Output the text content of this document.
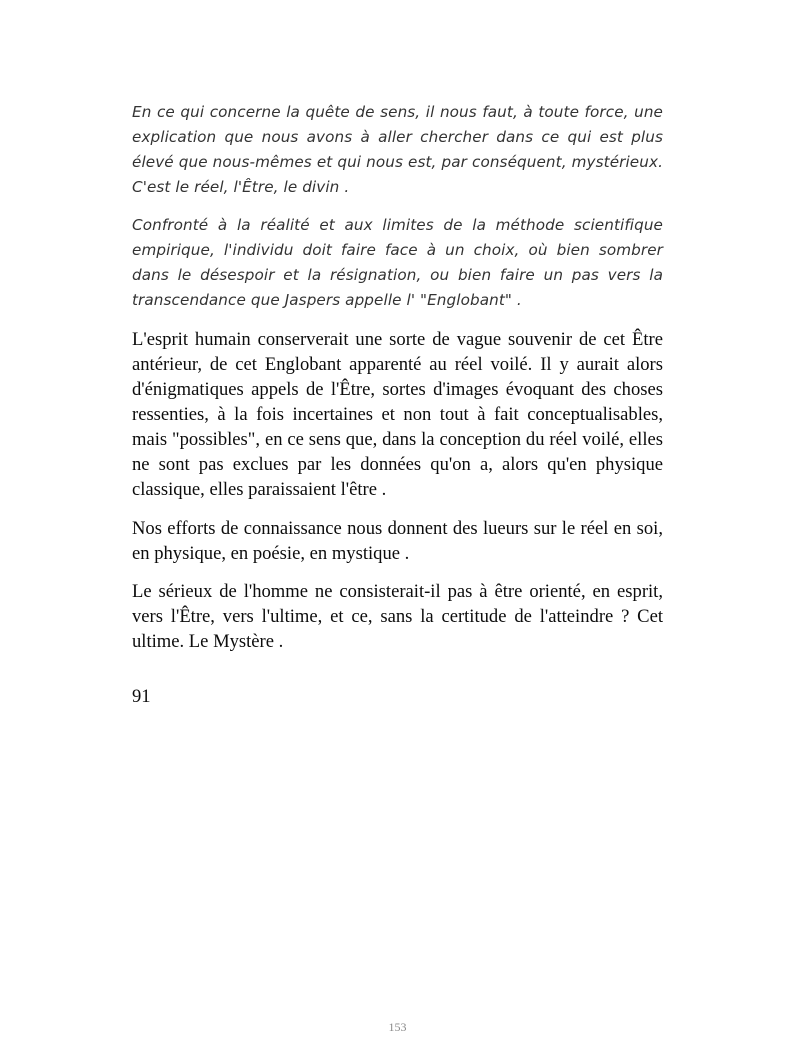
En ce qui concerne la quête de sens, il nous faut, à toute force, une explication que nous avons à aller chercher dans ce qui est plus élevé que nous-mêmes et qui nous est, par conséquent, mystérieux. C'est le réel, l'Être, le divin .

Confronté à la réalité et aux limites de la méthode scientifique empirique, l'individu doit faire face à un choix, où bien sombrer dans le désespoir et la résignation, ou bien faire un pas vers la transcendance que Jaspers appelle l' "Englobant" .

L'esprit humain conserverait une sorte de vague souvenir de cet Être antérieur, de cet Englobant apparenté au réel voilé. Il y aurait alors d'énigmatiques appels de l'Être, sortes d'images évoquant des choses ressenties, à la fois incertaines et non tout à fait conceptualisables, mais "possibles", en ce sens que, dans la conception du réel voilé, elles ne sont pas exclues par les données qu'on a, alors qu'en physique classique, elles paraissaient l'être .

Nos efforts de connaissance nous donnent des lueurs sur le réel en soi, en physique, en poésie, en mystique .

Le sérieux de l'homme ne consisterait-il pas à être orienté, en esprit, vers l'Être, vers l'ultime, et ce, sans la certitude de l'atteindre ? Cet ultime. Le Mystère .

91

153
